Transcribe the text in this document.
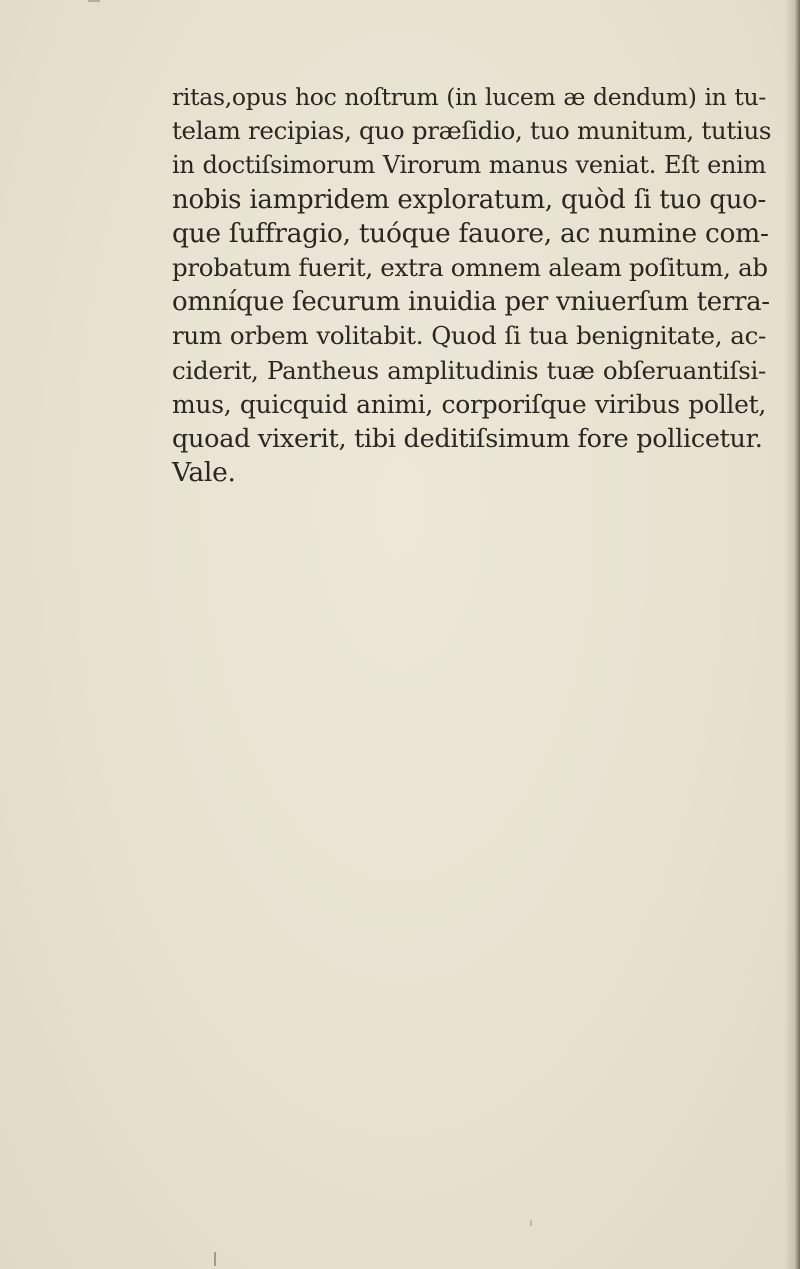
ritas,opus hoc noſtrum (in lucem æ dendum) in tu-
telam recipias, quo præſidio, tuo munitum, tutius
in doctiſsimorum Virorum manus veniat. Eſt enim
nobis iampridem exploratum, quòd ſi tuo quo-
que ſuffragio, tuóque fauore, ac numine com-
probatum fuerit, extra omnem aleam poſitum, ab
omníque ſecurum inuidia per vniuerſum terra-
rum orbem volitabit. Quod ſi tua benignitate, ac-
ciderit, Pantheus amplitudinis tuæ obſeruantiſsi-
mus, quicquid animi, corporiſque viribus pollet,
quoad vixerit, tibi deditiſsimum fore pollicetur.
Vale.
